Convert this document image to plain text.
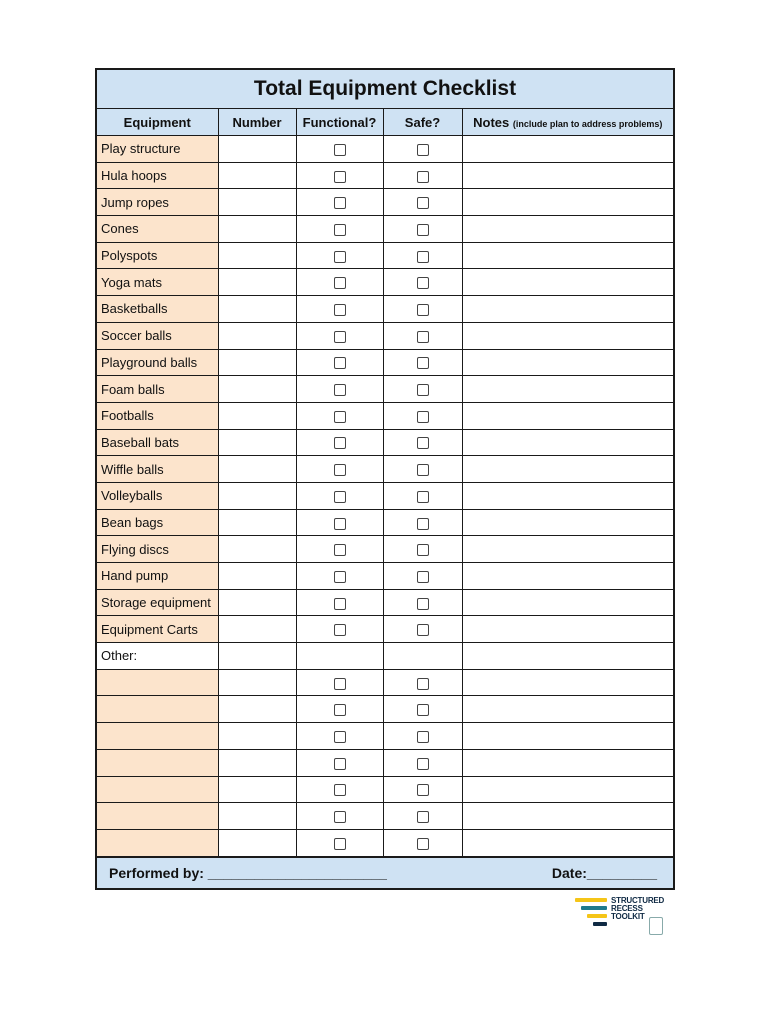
Total Equipment Checklist
Equipment	Number	Functional?	Safe?	Notes (include plan to address problems)
Play structure				
Hula hoops				
Jump ropes				
Cones				
Polyspots				
Yoga mats				
Basketballs				
Soccer balls				
Playground balls				
Foam balls				
Footballs				
Baseball bats				
Wiffle balls				
Volleyballs				
Bean bags				
Flying discs				
Hand pump				
Storage equipment				
Equipment Carts				
Other:				

Performed by: _______________________	Date:_________
STRUCTURED
RECESS
TOOLKIT
